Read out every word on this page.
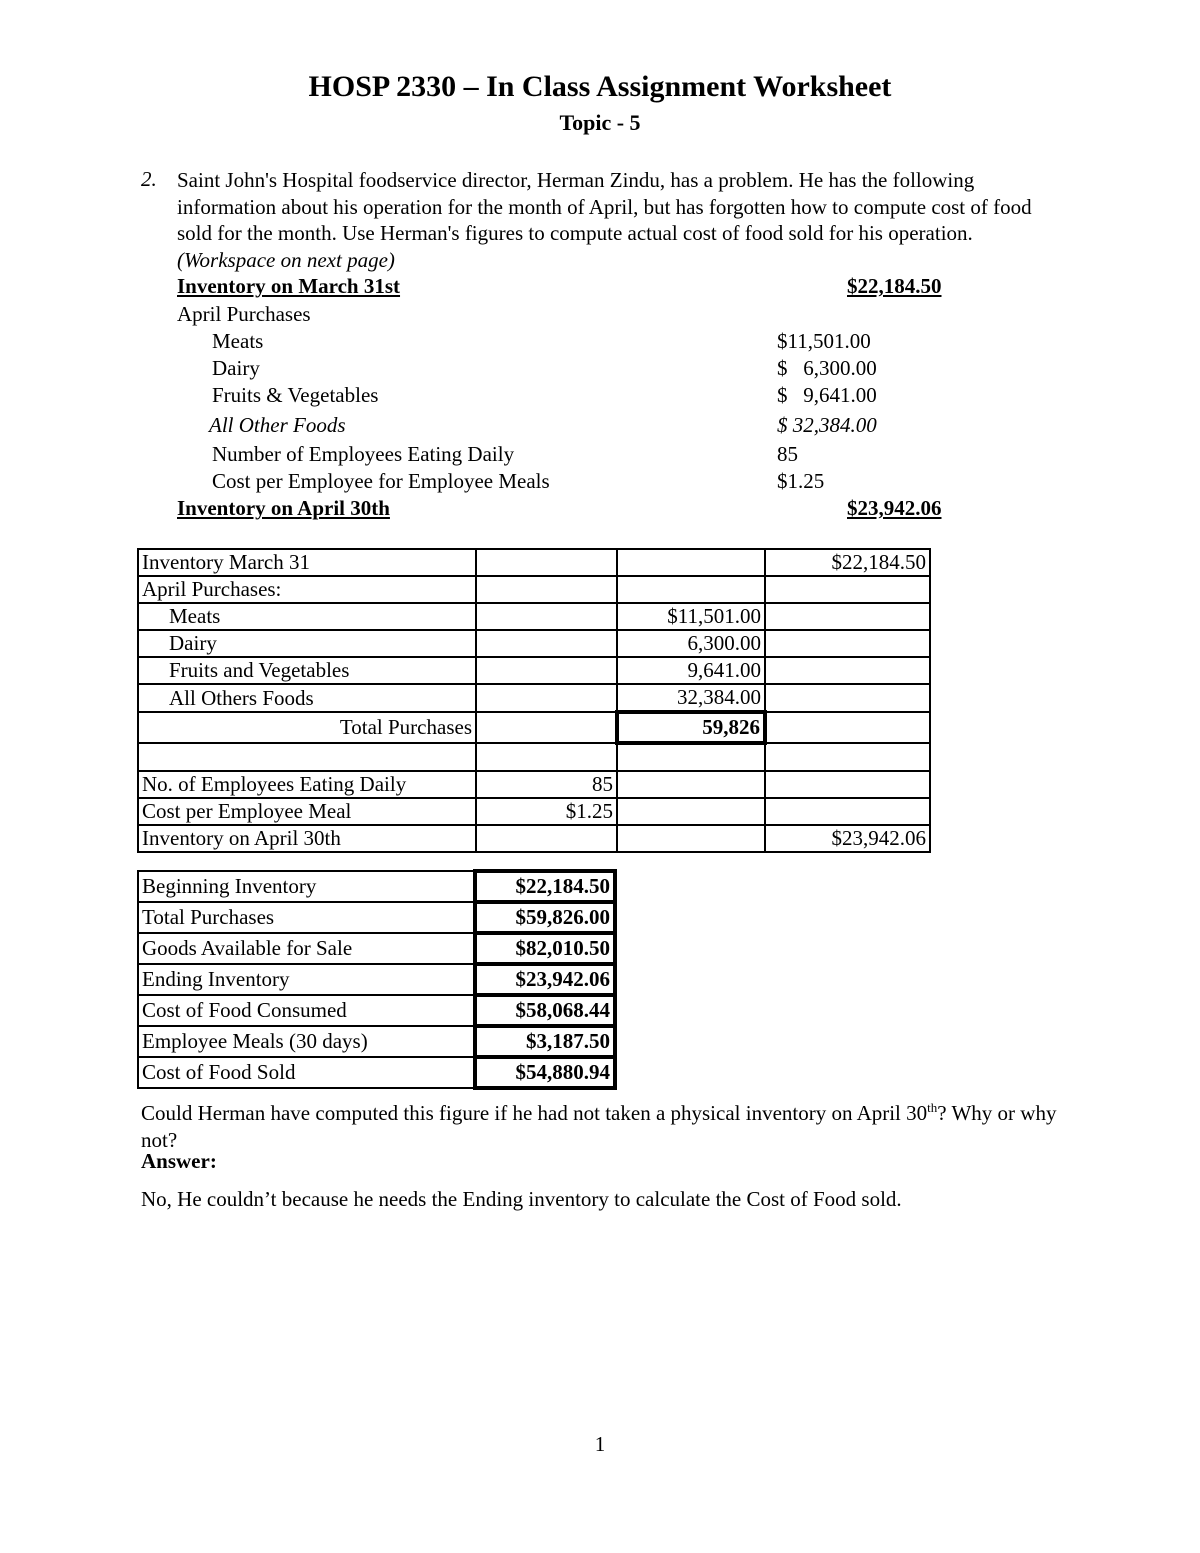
HOSP 2330 – In Class Assignment Worksheet
Topic - 5
2. Saint John's Hospital foodservice director, Herman Zindu, has a problem. He has the following information about his operation for the month of April, but has forgotten how to compute cost of food sold for the month. Use Herman's figures to compute actual cost of food sold for his operation. (Workspace on next page)
Inventory on March 31st	$22,184.50
April Purchases
Meats	$11,501.00
Dairy	$   6,300.00
Fruits & Vegetables	$   9,641.00
All Other Foods	$ 32,384.00
Number of Employees Eating Daily	85
Cost per Employee for Employee Meals	$1.25
Inventory on April 30th	$23,942.06
Inventory March 31			$22,184.50
April Purchases:			
Meats		$11,501.00	
Dairy		6,300.00	
Fruits and Vegetables		9,641.00	
All Others Foods		32,384.00	
Total Purchases		59,826	

No. of Employees Eating Daily	85		
Cost per Employee Meal	$1.25		
Inventory on April 30th			$23,942.06
Beginning Inventory	$22,184.50
Total Purchases	$59,826.00
Goods Available for Sale	$82,010.50
Ending Inventory	$23,942.06
Cost of Food Consumed	$58,068.44
Employee Meals (30 days)	$3,187.50
Cost of Food Sold	$54,880.94
Could Herman have computed this figure if he had not taken a physical inventory on April 30th? Why or why not?
Answer:
No, He couldn’t because he needs the Ending inventory to calculate the Cost of Food sold.
1
